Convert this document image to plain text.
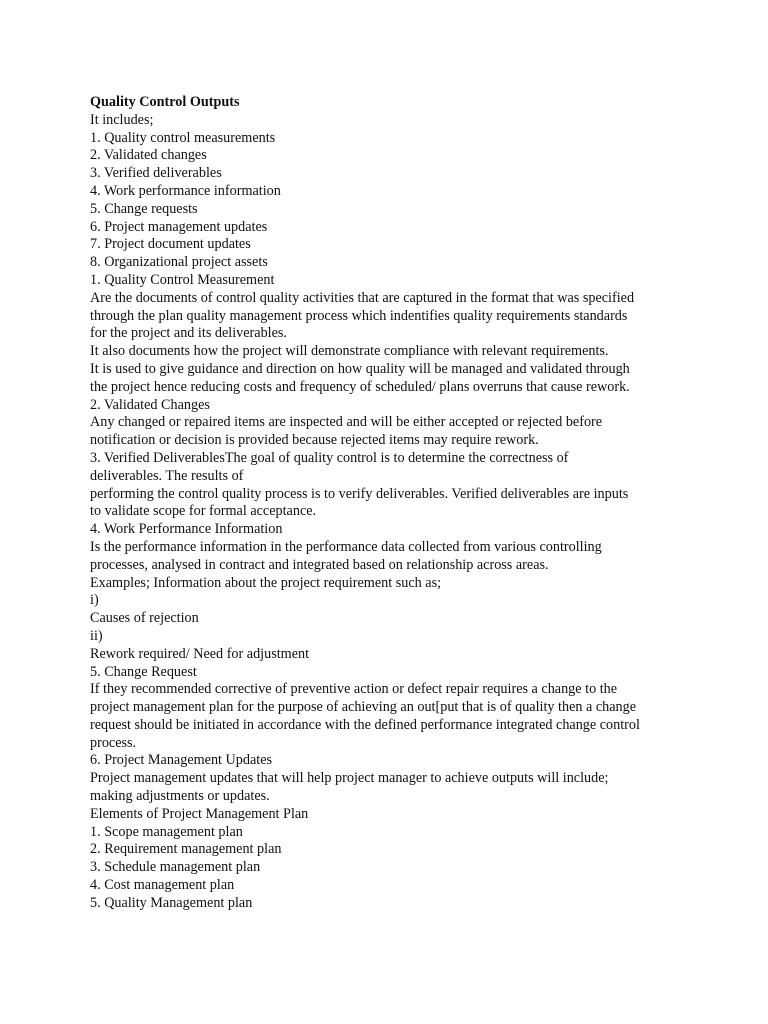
Quality Control Outputs
It includes;
1. Quality control measurements
2. Validated changes
3. Verified deliverables
4. Work performance information
5. Change requests
6. Project management updates
7. Project document updates
8. Organizational project assets
1. Quality Control Measurement
Are the documents of control quality activities that are captured in the format that was specified
through the plan quality management process which indentifies quality requirements standards
for the project and its deliverables.
It also documents how the project will demonstrate compliance with relevant requirements.
It is used to give guidance and direction on how quality will be managed and validated through
the project hence reducing costs and frequency of scheduled/ plans overruns that cause rework.
2. Validated Changes
Any changed or repaired items are inspected and will be either accepted or rejected before
notification or decision is provided because rejected items may require rework.
3. Verified DeliverablesThe goal of quality control is to determine the correctness of
deliverables. The results of
performing the control quality process is to verify deliverables. Verified deliverables are inputs
to validate scope for formal acceptance.
4. Work Performance Information
Is the performance information in the performance data collected from various controlling
processes, analysed in contract and integrated based on relationship across areas.
Examples; Information about the project requirement such as;
i)
Causes of rejection
ii)
Rework required/ Need for adjustment
5. Change Request
If they recommended corrective of preventive action or defect repair requires a change to the
project management plan for the purpose of achieving an out[put that is of quality then a change
request should be initiated in accordance with the defined performance integrated change control
process.
6. Project Management Updates
Project management updates that will help project manager to achieve outputs will include;
making adjustments or updates.
Elements of Project Management Plan
1. Scope management plan
2. Requirement management plan
3. Schedule management plan
4. Cost management plan
5. Quality Management plan
